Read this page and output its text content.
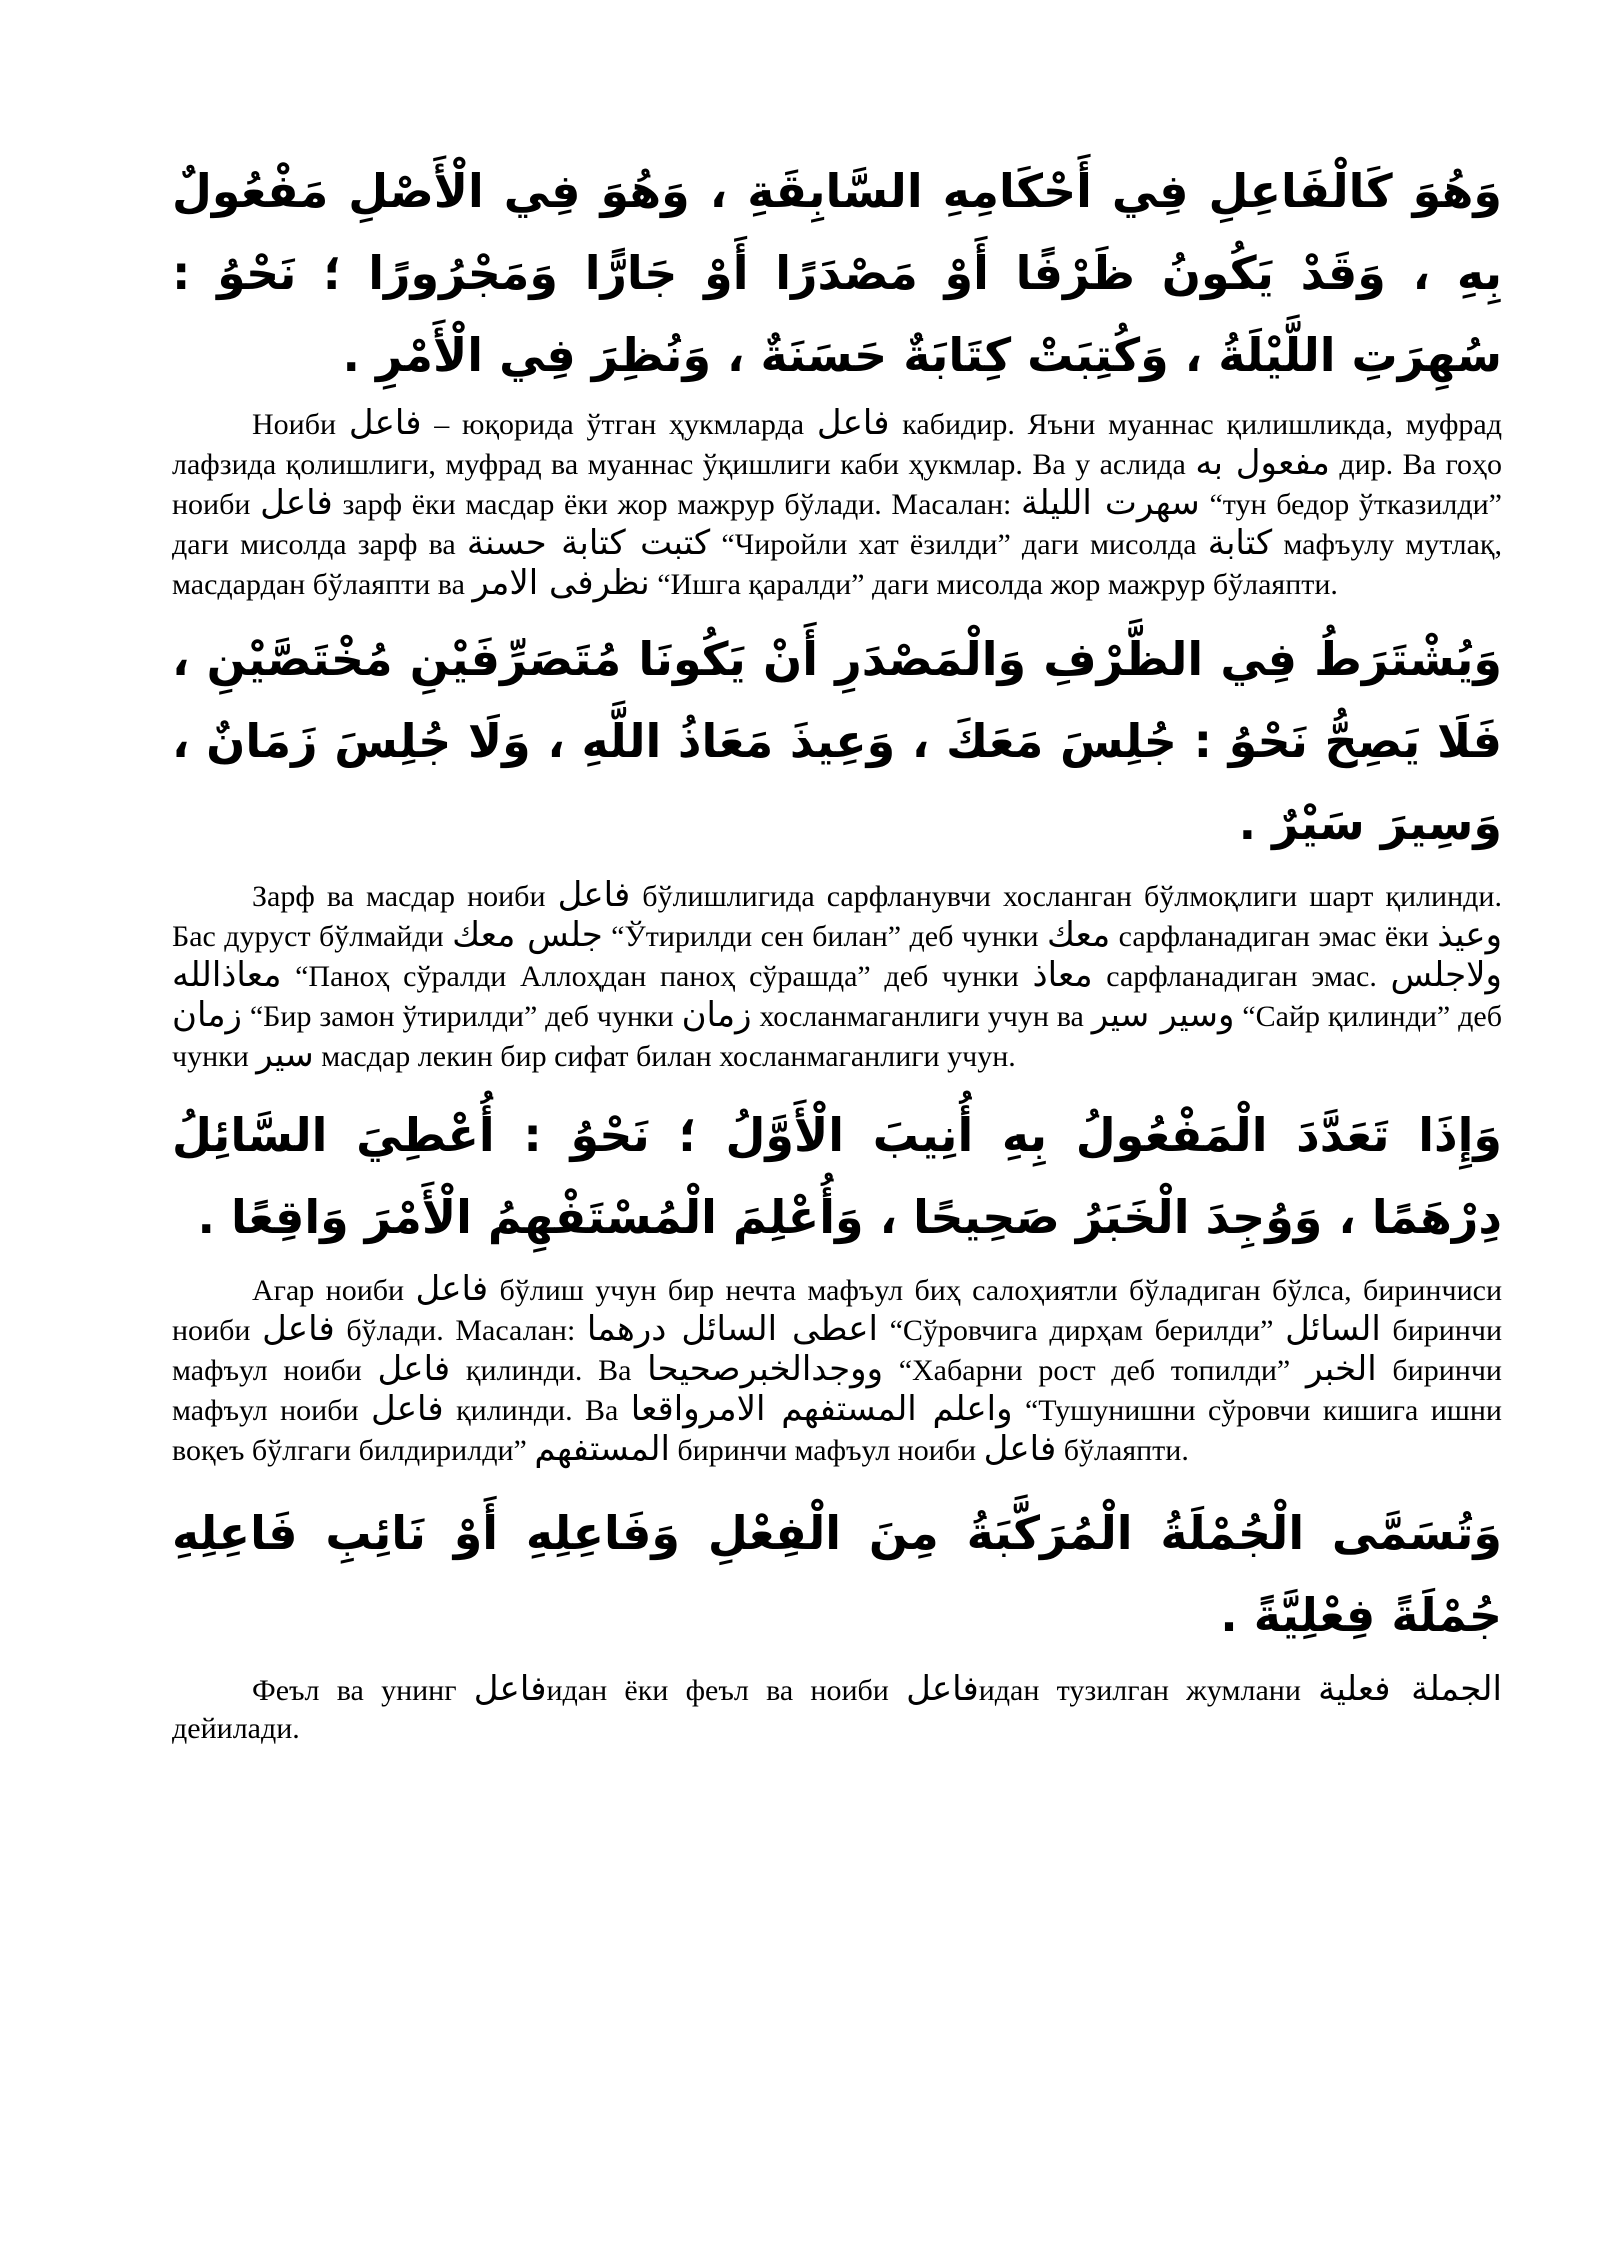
وَهُوَ كَالْفَاعِلِ فِي أَحْكَامِهِ السَّابِقَةِ ، وَهُوَ فِي الْأَصْلِ مَفْعُولٌ بِهِ ، وَقَدْ يَكُونُ ظَرْفًا أَوْ مَصْدَرًا أَوْ جَارًّا وَمَجْرُورًا ؛ نَحْوُ : سُهِرَتِ اللَّيْلَةُ ، وَكُتِبَتْ كِتَابَةٌ حَسَنَةٌ ، وَنُظِرَ فِي الْأَمْرِ .

Ноиби فاعل – юқорида ўтган ҳукмларда فاعل кабидир. Яъни муаннас қилишликда, муфрад лафзида қолишлиги, муфрад ва муаннас ўқишлиги каби ҳукмлар. Ва у аслида مفعول به дир. Ва гоҳо ноиби فاعل зарф ёки масдар ёки жор мажрур бўлади. Масалан: سهرت الليلة “тун бедор ўтказилди” даги мисолда зарф ва كتبت كتابة حسنة “Чиройли хат ёзилди” даги мисолда كتابة мафъулу мутлақ, масдардан бўлаяпти ва نظرفى الامر “Ишга қаралди” даги мисолда жор мажрур бўлаяпти.

وَيُشْتَرَطُ فِي الظَّرْفِ وَالْمَصْدَرِ أَنْ يَكُونَا مُتَصَرِّفَيْنِ مُخْتَصَّيْنِ ، فَلَا يَصِحُّ نَحْوُ : جُلِسَ مَعَكَ ، وَعِيذَ مَعَاذُ اللَّهِ ، وَلَا جُلِسَ زَمَانٌ ، وَسِيرَ سَيْرٌ .

Зарф ва масдар ноиби فاعل бўлишлигида сарфланувчи хосланган бўлмоқлиги шарт қилинди. Бас дуруст бўлмайди جلس معك “Ўтирилди сен билан” деб чунки معك сарфланадиган эмас ёки وعيذ معاذالله “Паноҳ сўралди Аллоҳдан паноҳ сўрашда” деб чунки معاذ сарфланадиган эмас. ولاجلس زمان “Бир замон ўтирилди” деб чунки زمان хосланмаганлиги учун ва وسير سير “Сайр қилинди” деб чунки سير масдар лекин бир сифат билан хосланмаганлиги учун.

وَإِذَا تَعَدَّدَ الْمَفْعُولُ بِهِ أُنِيبَ الْأَوَّلُ ؛ نَحْوُ : أُعْطِيَ السَّائِلُ دِرْهَمًا ، وَوُجِدَ الْخَبَرُ صَحِيحًا ، وَأُعْلِمَ الْمُسْتَفْهِمُ الْأَمْرَ وَاقِعًا .

Агар ноиби فاعل бўлиш учун бир нечта мафъул биҳ салоҳиятли бўладиган бўлса, биринчиси ноиби فاعل бўлади. Масалан: اعطى السائل درهما “Сўровчига дирҳам берилди” السائل биринчи мафъул ноиби فاعل қилинди. Ва ووجدالخبرصحيحا “Хабарни рост деб топилди” الخبر биринчи мафъул ноиби فاعل қилинди. Ва واعلم المستفهم الامرواقعا “Тушунишни сўровчи кишига ишни воқеъ бўлгаги билдирилди” المستفهم биринчи мафъул ноиби فاعل бўлаяпти.

وَتُسَمَّى الْجُمْلَةُ الْمُرَكَّبَةُ مِنَ الْفِعْلِ وَفَاعِلِهِ أَوْ نَائِبِ فَاعِلِهِ جُمْلَةً فِعْلِيَّةً .

Феъл ва унинг فاعلидан ёки феъл ва ноиби فاعلидан тузилган жумлани الجملة فعلية дейилади.
